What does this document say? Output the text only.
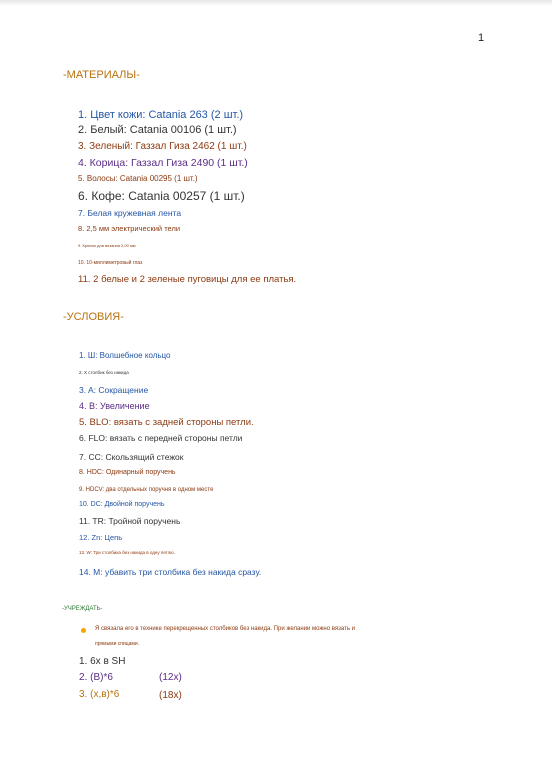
1
-МАТЕРИАЛЫ-
1. Цвет кожи: Catania 263 (2 шт.)
2. Белый: Catania 00106 (1 шт.)
3. Зеленый: Газзал Гиза 2462 (1 шт.)
4. Корица: Газзал Гиза 2490 (1 шт.)
5. Волосы: Catania 00295 (1 шт.)
6. Кофе: Catania 00257 (1 шт.)
7. Белая кружевная лента
8. 2,5 мм электрический тели
9. Крючок для вязания 2,00 мм
10. 10-миллиметровый глаз
11. 2 белые и 2 зеленые пуговицы для ее платья.
-УСЛОВИЯ-
1. Ш: Волшебное кольцо
2. X столбик без накида
3. A: Сокращение
4. B: Увеличение
5. BLO: вязать с задней стороны петли.
6. FLO: вязать с передней стороны петли
7. CC: Скользящий стежок
8. HDC: Одинарный поручень
9. HDCV: два отдельных поручня в одном месте
10. DC: Двойной поручень
11. TR: Тройной поручень
12. Zn: Цепь
13. W: Три столбика без накида в одну петлю.
14. M: убавить три столбика без накида сразу.
-УЧРЕЖДАТЬ-
Я связала его в технике перекрещенных столбиков без накида. При желании можно вязать и
прямыми спицами.
1. 6x в SH
2. (B)*6	(12x)
3. (x,в)*6	(18x)
